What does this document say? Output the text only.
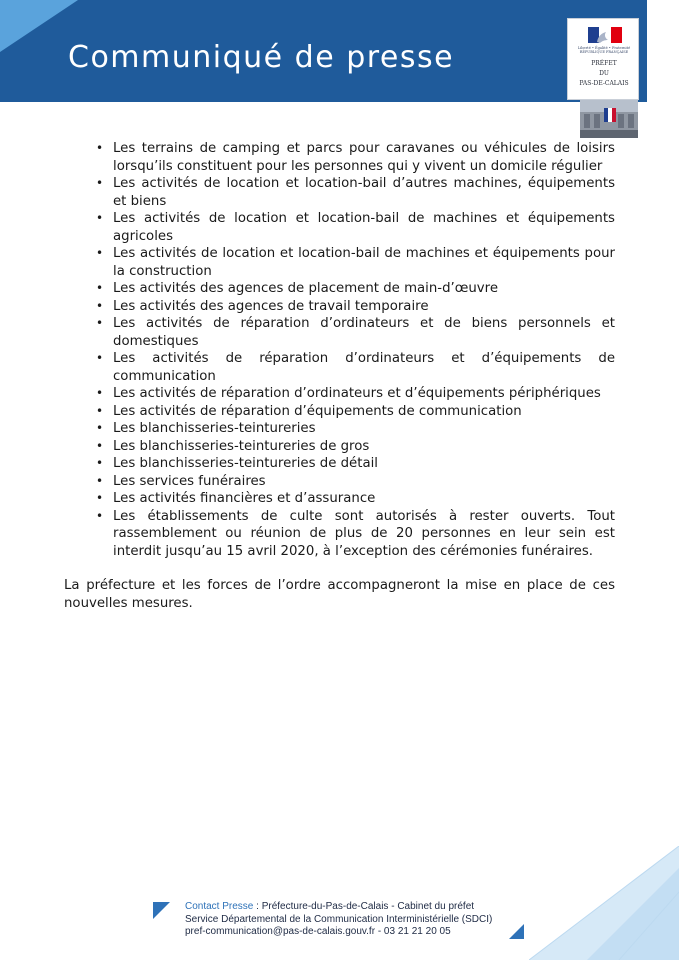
Communiqué de presse	Liberté • Égalité • Fraternité
RÉPUBLIQUE FRANÇAISE
PRÉFET
DU
PAS-DE-CALAIS
• Les terrains de camping et parcs pour caravanes ou véhicules de loisirs lorsqu’ils constituent pour les personnes qui y vivent un domicile régulier
• Les activités de location et location-bail d’autres machines, équipements et biens
• Les activités de location et location-bail de machines et équipements agricoles
• Les activités de location et location-bail de machines et équipements pour la construction
• Les activités des agences de placement de main-d’œuvre
• Les activités des agences de travail temporaire
• Les activités de réparation d’ordinateurs et de biens personnels et domestiques
• Les activités de réparation d’ordinateurs et d’équipements de communication
• Les activités de réparation d’ordinateurs et d’équipements périphériques
• Les activités de réparation d’équipements de communication
• Les blanchisseries-teintureries
• Les blanchisseries-teintureries de gros
• Les blanchisseries-teintureries de détail
• Les services funéraires
• Les activités financières et d’assurance
• Les établissements de culte sont autorisés à rester ouverts. Tout rassemblement ou réunion de plus de 20 personnes en leur sein est interdit jusqu’au 15 avril 2020, à l’exception des cérémonies funéraires.

La préfecture et les forces de l’ordre accompagneront la mise en place de ces nouvelles mesures.

Contact Presse : Préfecture-du-Pas-de-Calais - Cabinet du préfet
Service Départemental de la Communication Interministérielle (SDCI)
pref-communication@pas-de-calais.gouv.fr - 03 21 21 20 05
